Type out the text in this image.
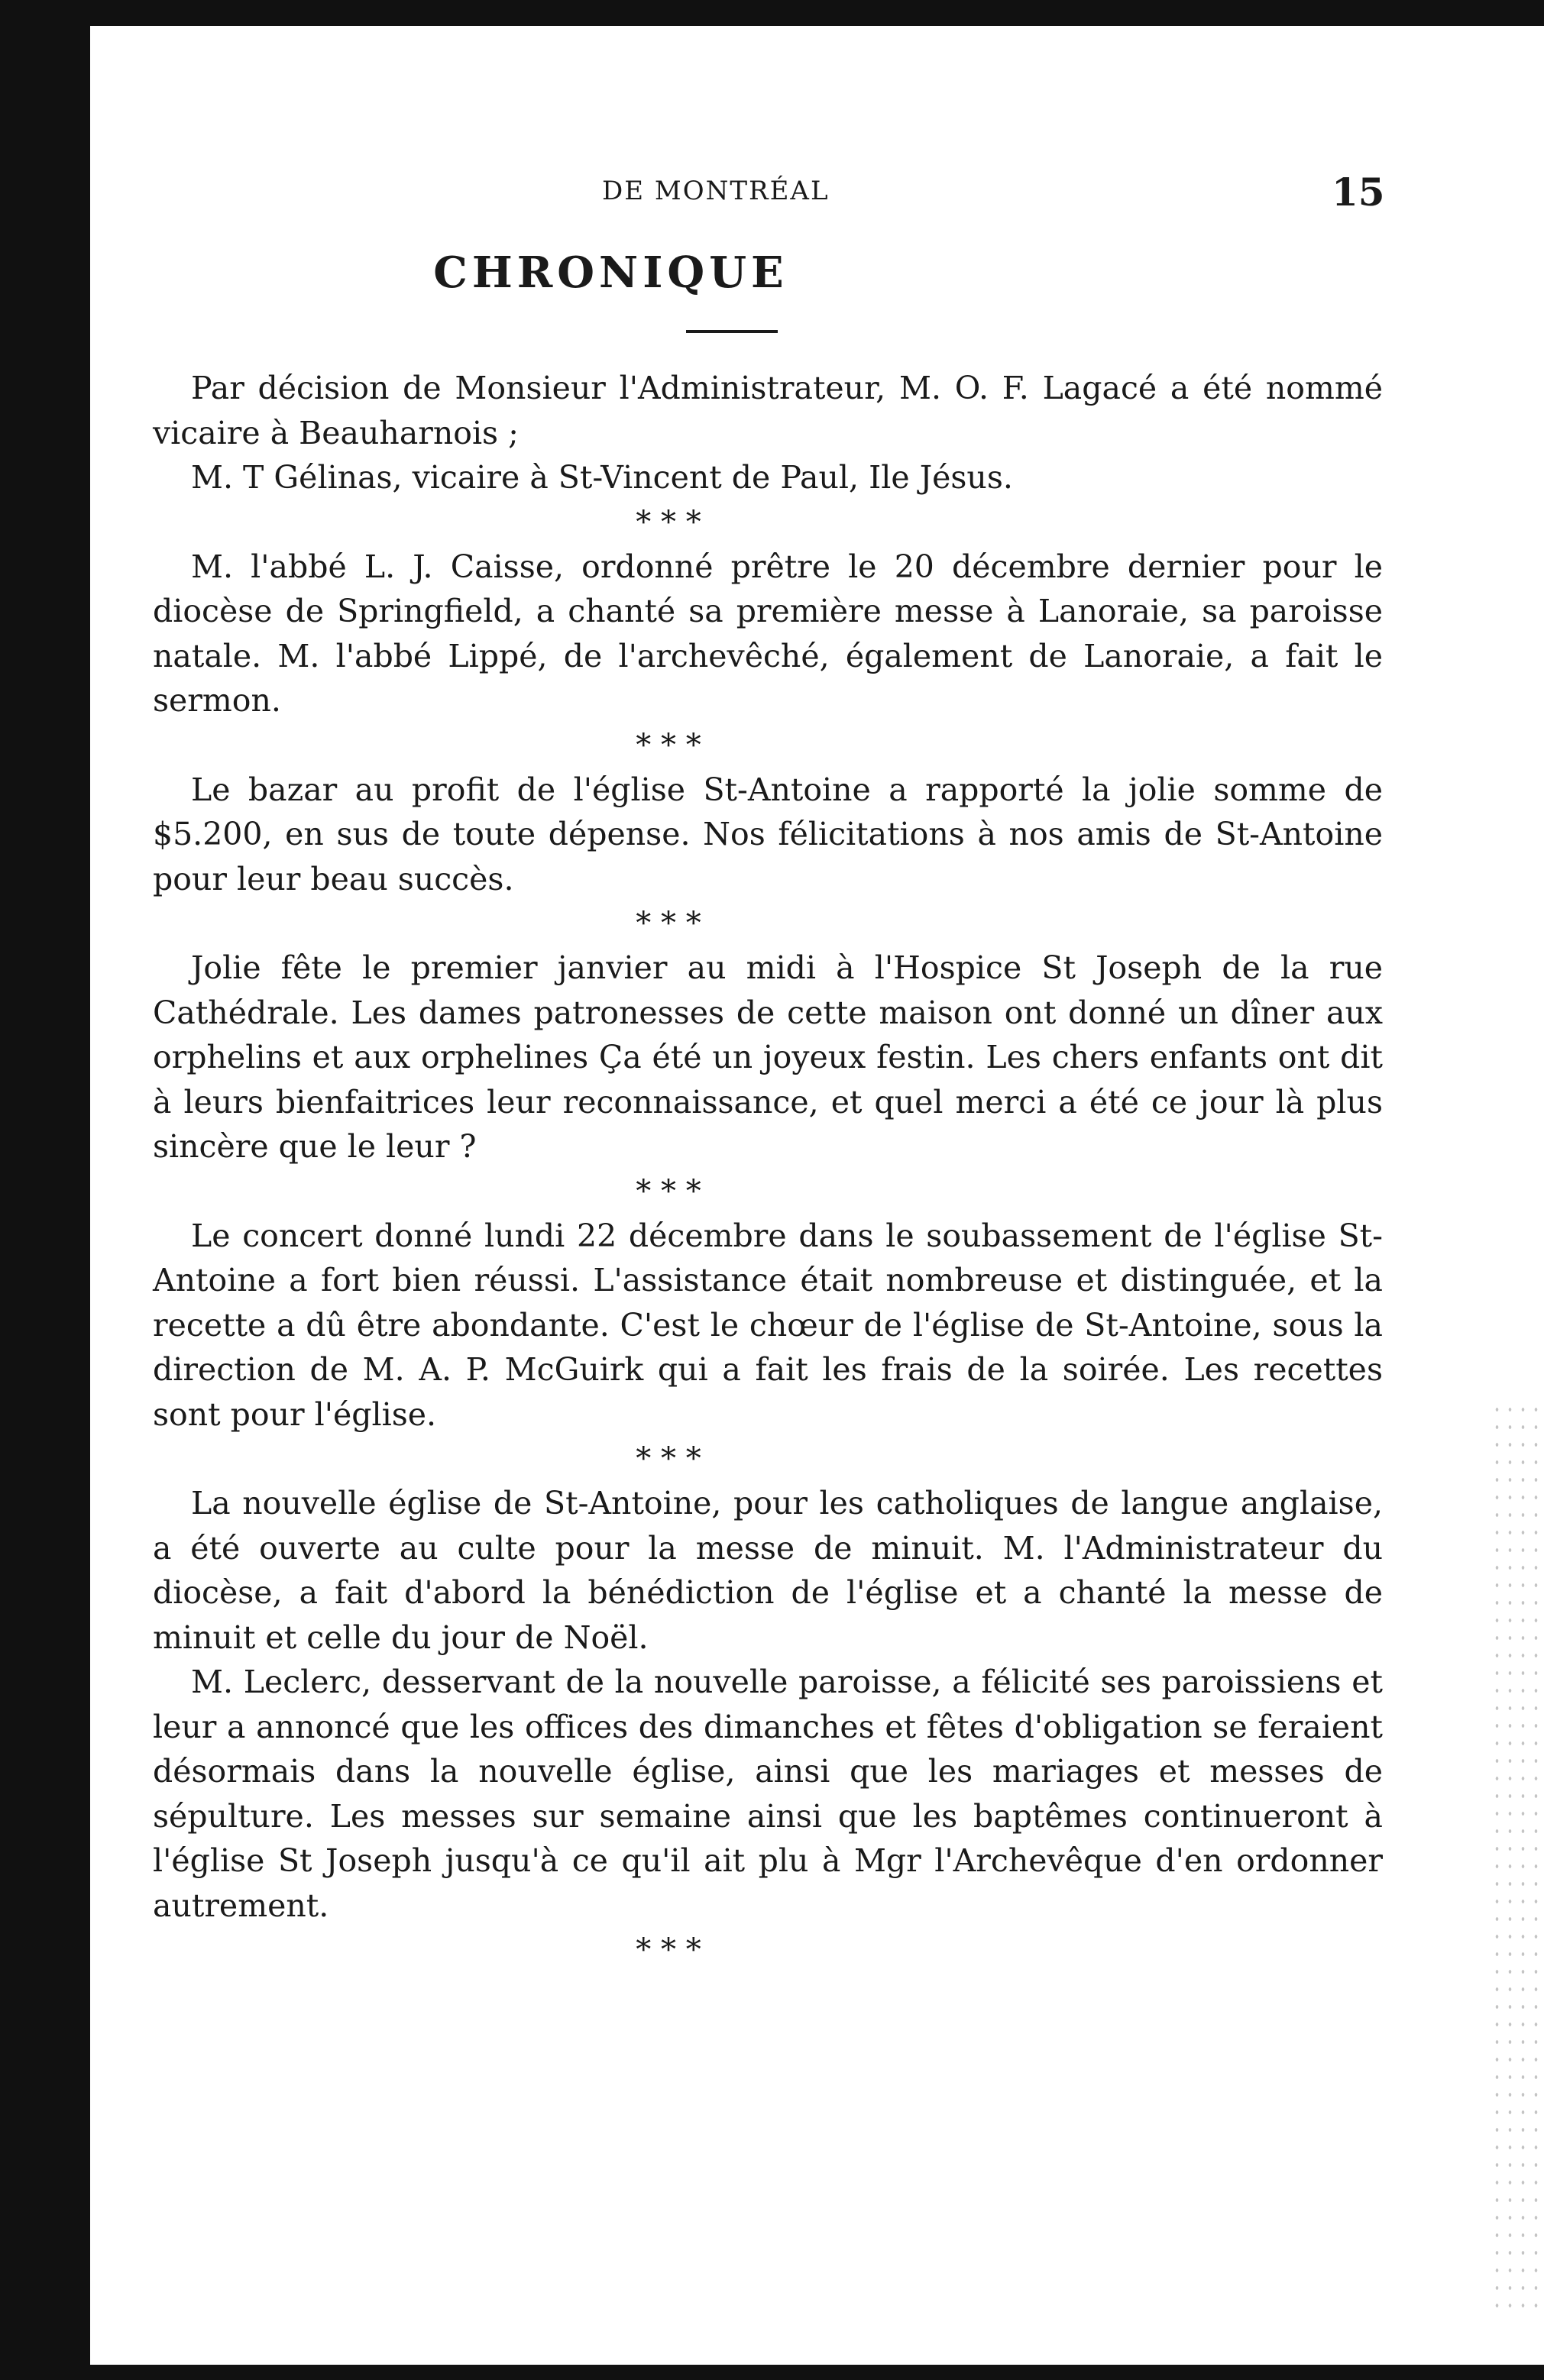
DE MONTRÉAL	15
CHRONIQUE

Par décision de Monsieur l'Administrateur, M. O. F. Lagacé a été nommé vicaire à Beauharnois ;

M. T Gélinas, vicaire à St-Vincent de Paul, Ile Jésus.

* * *

M. l'abbé L. J. Caisse, ordonné prêtre le 20 décembre dernier pour le diocèse de Springfield, a chanté sa première messe à Lanoraie, sa paroisse natale. M. l'abbé Lippé, de l'archevêché, également de Lanoraie, a fait le sermon.

* * *

Le bazar au profit de l'église St-Antoine a rapporté la jolie somme de $5.200, en sus de toute dépense. Nos félicitations à nos amis de St-Antoine pour leur beau succès.

* * *

Jolie fête le premier janvier au midi à l'Hospice St Joseph de la rue Cathédrale. Les dames patronesses de cette maison ont donné un dîner aux orphelins et aux orphelines Ça été un joyeux festin. Les chers enfants ont dit à leurs bienfaitrices leur reconnaissance, et quel merci a été ce jour là plus sincère que le leur ?

* * *

Le concert donné lundi 22 décembre dans le soubassement de l'église St-Antoine a fort bien réussi. L'assistance était nombreuse et distinguée, et la recette a dû être abondante. C'est le chœur de l'église de St-Antoine, sous la direction de M. A. P. McGuirk qui a fait les frais de la soirée. Les recettes sont pour l'église.

* * *

La nouvelle église de St-Antoine, pour les catholiques de langue anglaise, a été ouverte au culte pour la messe de minuit. M. l'Administrateur du diocèse, a fait d'abord la bénédiction de l'église et a chanté la messe de minuit et celle du jour de Noël.

M. Leclerc, desservant de la nouvelle paroisse, a félicité ses paroissiens et leur a annoncé que les offices des dimanches et fêtes d'obligation se feraient désormais dans la nouvelle église, ainsi que les mariages et messes de sépulture. Les messes sur semaine ainsi que les baptêmes continueront à l'église St Joseph jusqu'à ce qu'il ait plu à Mgr l'Archevêque d'en ordonner autrement.

* * *
